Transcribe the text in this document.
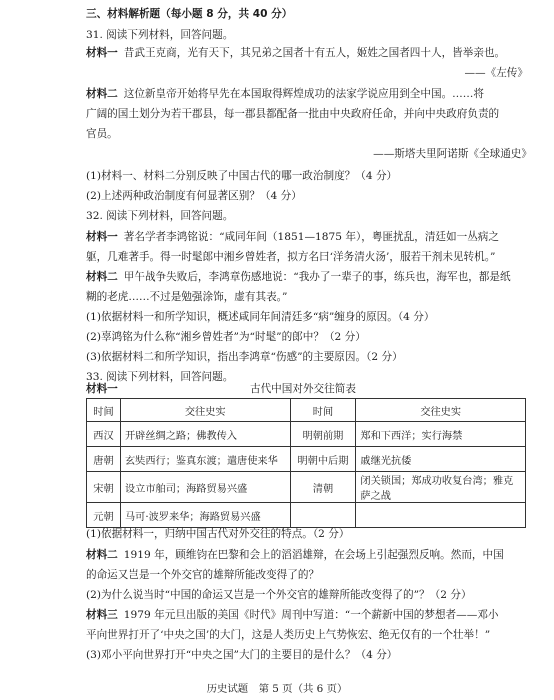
三、材料解析题（每小题 8 分，共 40 分）
31. 阅读下列材料，回答问题。
材料一 昔武王克商，光有天下，其兄弟之国者十有五人，姬姓之国者四十人，皆举亲也。
——《左传》
材料二 这位新皇帝开始将早先在本国取得辉煌成功的法家学说应用到全中国。……将
广阔的国土划分为若干郡县，每一郡县都配备一批由中央政府任命，并向中央政府负责的
官员。
——斯塔夫里阿诺斯《全球通史》
(1)材料一、材料二分别反映了中国古代的哪一政治制度？（4 分）
(2)上述两种政治制度有何显著区别？（4 分）
32. 阅读下列材料，回答问题。
材料一 著名学者李鸿铭说：“咸同年间（1851—1875 年），粤匪扰乱，清廷如一丛病之
躯，几难著手。得一时髦郎中湘乡曾姓者，拟方名曰‘洋务清火汤’，服若干剂未见转机。”
材料二 甲午战争失败后，李鸿章伤感地说：“我办了一辈子的事，练兵也，海军也，都是纸
糊的老虎……不过是勉强涂饰，虚有其表。”
(1)依据材料一和所学知识，概述咸同年间清廷多“病”缠身的原因。（4 分）
(2)辜鸿铭为什么称“湘乡曾姓者”为“时髦”的郎中？（2 分）
(3)依据材料二和所学知识，指出李鸿章“伤感”的主要原因。（2 分）
33. 阅读下列材料，回答问题。
材料一	古代中国对外交往简表
时间	交往史实	时间	交往史实
西汉	开辟丝绸之路；佛教传入	明朝前期	郑和下西洋；实行海禁
唐朝	玄奘西行；鉴真东渡；遣唐使来华	明朝中后期	戚继光抗倭
宋朝	设立市舶司；海路贸易兴盛	清朝	闭关锁国；郑成功收复台湾；雅克萨之战
元朝	马可·波罗来华；海路贸易兴盛		
(1)依据材料一，归纳中国古代对外交往的特点。（2 分）
材料二 1919 年，顾维钧在巴黎和会上的滔滔雄辩，在会场上引起强烈反响。然而，中国
的命运又岂是一个外交官的雄辩所能改变得了的？
(2)为什么说当时“中国的命运又岂是一个外交官的雄辩所能改变得了的”？（2 分）
材料三 1979 年元旦出版的美国《时代》周刊中写道：“一个薪新中国的梦想者——邓小
平向世界打开了‘中央之国’的大门，这是人类历史上气势恢宏、绝无仅有的一个壮举！”
(3)邓小平向世界打开“中央之国”大门的主要目的是什么？（4 分）
历史试题　第 5 页（共 6 页）
